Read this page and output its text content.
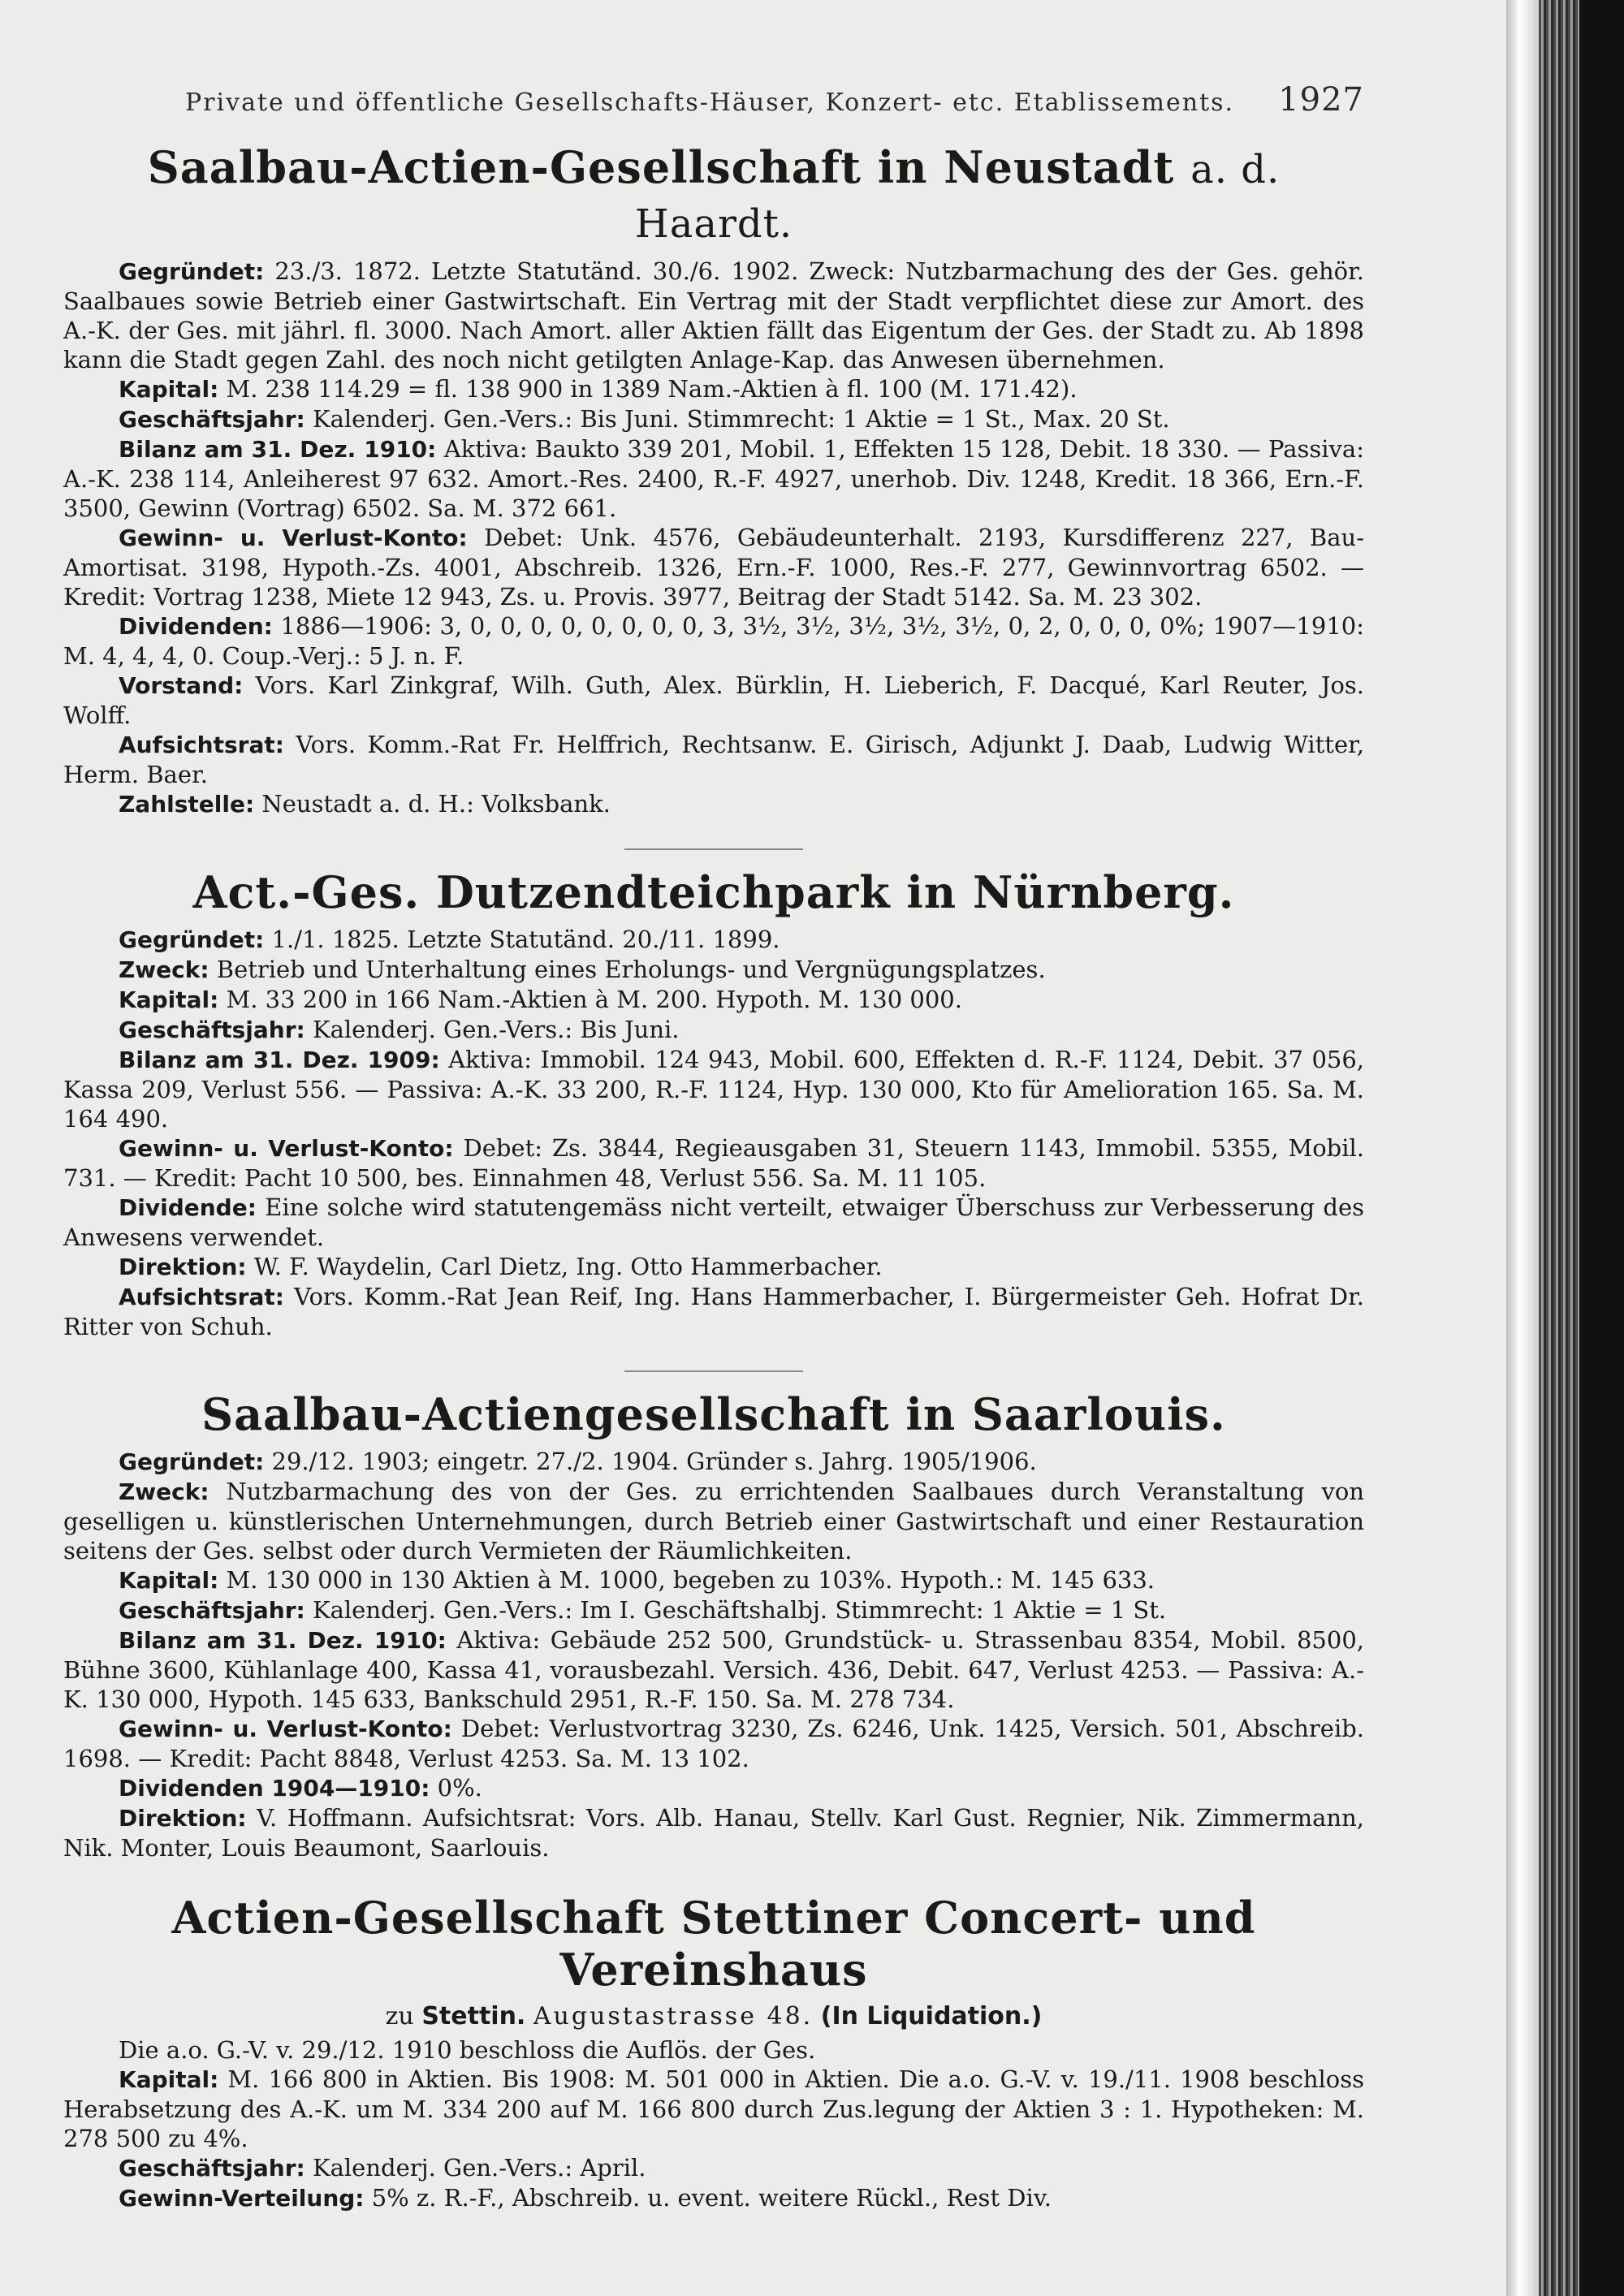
Private und öffentliche Gesellschafts-Häuser, Konzert- etc. Etablissements. 1927
Saalbau-Actien-Gesellschaft in Neustadt a. d. Haardt.

Gegründet: 23./3. 1872. Letzte Statutänd. 30./6. 1902. Zweck: Nutzbarmachung des der Ges. gehör. Saalbaues sowie Betrieb einer Gastwirtschaft. Ein Vertrag mit der Stadt verpflichtet diese zur Amort. des A.-K. der Ges. mit jährl. fl. 3000. Nach Amort. aller Aktien fällt das Eigentum der Ges. der Stadt zu. Ab 1898 kann die Stadt gegen Zahl. des noch nicht getilgten Anlage-Kap. das Anwesen übernehmen.

Kapital: M. 238 114.29 = fl. 138 900 in 1389 Nam.-Aktien à fl. 100 (M. 171.42).

Geschäftsjahr: Kalenderj. Gen.-Vers.: Bis Juni. Stimmrecht: 1 Aktie = 1 St., Max. 20 St.

Bilanz am 31. Dez. 1910: Aktiva: Baukto 339 201, Mobil. 1, Effekten 15 128, Debit. 18 330. — Passiva: A.-K. 238 114, Anleiherest 97 632. Amort.-Res. 2400, R.-F. 4927, unerhob. Div. 1248, Kredit. 18 366, Ern.-F. 3500, Gewinn (Vortrag) 6502. Sa. M. 372 661.

Gewinn- u. Verlust-Konto: Debet: Unk. 4576, Gebäudeunterhalt. 2193, Kursdifferenz 227, Bau-Amortisat. 3198, Hypoth.-Zs. 4001, Abschreib. 1326, Ern.-F. 1000, Res.-F. 277, Gewinnvortrag 6502. — Kredit: Vortrag 1238, Miete 12 943, Zs. u. Provis. 3977, Beitrag der Stadt 5142. Sa. M. 23 302.

Dividenden: 1886—1906: 3, 0, 0, 0, 0, 0, 0, 0, 0, 3, 3½, 3½, 3½, 3½, 3½, 0, 2, 0, 0, 0, 0%; 1907—1910: M. 4, 4, 4, 0. Coup.-Verj.: 5 J. n. F.

Vorstand: Vors. Karl Zinkgraf, Wilh. Guth, Alex. Bürklin, H. Lieberich, F. Dacqué, Karl Reuter, Jos. Wolff.

Aufsichtsrat: Vors. Komm.-Rat Fr. Helffrich, Rechtsanw. E. Girisch, Adjunkt J. Daab, Ludwig Witter, Herm. Baer.

Zahlstelle: Neustadt a. d. H.: Volksbank.

Act.-Ges. Dutzendteichpark in Nürnberg.

Gegründet: 1./1. 1825. Letzte Statutänd. 20./11. 1899.

Zweck: Betrieb und Unterhaltung eines Erholungs- und Vergnügungsplatzes.

Kapital: M. 33 200 in 166 Nam.-Aktien à M. 200. Hypoth. M. 130 000.

Geschäftsjahr: Kalenderj. Gen.-Vers.: Bis Juni.

Bilanz am 31. Dez. 1909: Aktiva: Immobil. 124 943, Mobil. 600, Effekten d. R.-F. 1124, Debit. 37 056, Kassa 209, Verlust 556. — Passiva: A.-K. 33 200, R.-F. 1124, Hyp. 130 000, Kto für Amelioration 165. Sa. M. 164 490.

Gewinn- u. Verlust-Konto: Debet: Zs. 3844, Regieausgaben 31, Steuern 1143, Immobil. 5355, Mobil. 731. — Kredit: Pacht 10 500, bes. Einnahmen 48, Verlust 556. Sa. M. 11 105.

Dividende: Eine solche wird statutengemäss nicht verteilt, etwaiger Überschuss zur Verbesserung des Anwesens verwendet.

Direktion: W. F. Waydelin, Carl Dietz, Ing. Otto Hammerbacher.

Aufsichtsrat: Vors. Komm.-Rat Jean Reif, Ing. Hans Hammerbacher, I. Bürgermeister Geh. Hofrat Dr. Ritter von Schuh.

Saalbau-Actiengesellschaft in Saarlouis.

Gegründet: 29./12. 1903; eingetr. 27./2. 1904. Gründer s. Jahrg. 1905/1906.

Zweck: Nutzbarmachung des von der Ges. zu errichtenden Saalbaues durch Veranstaltung von geselligen u. künstlerischen Unternehmungen, durch Betrieb einer Gastwirtschaft und einer Restauration seitens der Ges. selbst oder durch Vermieten der Räumlichkeiten.

Kapital: M. 130 000 in 130 Aktien à M. 1000, begeben zu 103%. Hypoth.: M. 145 633.

Geschäftsjahr: Kalenderj. Gen.-Vers.: Im I. Geschäftshalbj. Stimmrecht: 1 Aktie = 1 St.

Bilanz am 31. Dez. 1910: Aktiva: Gebäude 252 500, Grundstück- u. Strassenbau 8354, Mobil. 8500, Bühne 3600, Kühlanlage 400, Kassa 41, vorausbezahl. Versich. 436, Debit. 647, Verlust 4253. — Passiva: A.-K. 130 000, Hypoth. 145 633, Bankschuld 2951, R.-F. 150. Sa. M. 278 734.

Gewinn- u. Verlust-Konto: Debet: Verlustvortrag 3230, Zs. 6246, Unk. 1425, Versich. 501, Abschreib. 1698. — Kredit: Pacht 8848, Verlust 4253. Sa. M. 13 102.

Dividenden 1904—1910: 0%.

Direktion: V. Hoffmann. Aufsichtsrat: Vors. Alb. Hanau, Stellv. Karl Gust. Regnier, Nik. Zimmermann, Nik. Monter, Louis Beaumont, Saarlouis.

Actien-Gesellschaft Stettiner Concert- und Vereinshaus
zu Stettin. Augustastrasse 48. (In Liquidation.)

Die a.o. G.-V. v. 29./12. 1910 beschloss die Auflös. der Ges.

Kapital: M. 166 800 in Aktien. Bis 1908: M. 501 000 in Aktien. Die a.o. G.-V. v. 19./11. 1908 beschloss Herabsetzung des A.-K. um M. 334 200 auf M. 166 800 durch Zus.legung der Aktien 3 : 1. Hypotheken: M. 278 500 zu 4%.

Geschäftsjahr: Kalenderj. Gen.-Vers.: April.

Gewinn-Verteilung: 5% z. R.-F., Abschreib. u. event. weitere Rückl., Rest Div.
